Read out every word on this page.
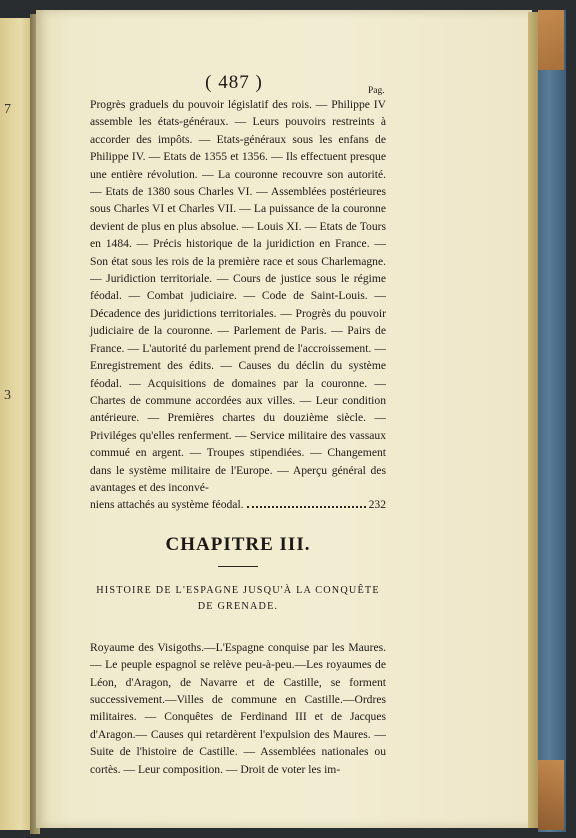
7
3
( 487 )	Pag.

Progrès graduels du pouvoir législatif des rois. — Philippe IV assemble les états-généraux. — Leurs pouvoirs restreints à accorder des impôts. — Etats-généraux sous les enfans de Philippe IV. — Etats de 1355 et 1356. — Ils effectuent presque une entière révolution. — La couronne recouvre son autorité. — Etats de 1380 sous Charles VI. — Assemblées postérieures sous Charles VI et Charles VII. — La puissance de la couronne devient de plus en plus absolue. — Louis XI. — Etats de Tours en 1484. — Précis historique de la juridiction en France. — Son état sous les rois de la première race et sous Charlemagne. — Juridiction territoriale. — Cours de justice sous le régime féodal. — Combat judiciaire. — Code de Saint-Louis. — Décadence des juridictions territoriales. — Progrès du pouvoir judiciaire de la couronne. — Parlement de Paris. — Pairs de France. — L'autorité du parlement prend de l'accroissement. — Enregistrement des édits. — Causes du déclin du système féodal. — Acquisitions de domaines par la couronne. — Chartes de commune accordées aux villes. — Leur condition antérieure. — Premières chartes du douzième siècle. — Priviléges qu'elles renferment. — Service militaire des vassaux commué en argent. — Troupes stipendiées. — Changement dans le système militaire de l'Europe. — Aperçu général des avantages et des inconvé-

niens attachés au système féodal.	232

CHAPITRE III.

HISTOIRE DE L'ESPAGNE JUSQU'À LA CONQUÊTE DE GRENADE.

Royaume des Visigoths.—L'Espagne conquise par les Maures. — Le peuple espagnol se relève peu-à-peu.—Les royaumes de Léon, d'Aragon, de Navarre et de Castille, se forment successivement.—Villes de commune en Castille.—Ordres militaires. — Conquêtes de Ferdinand III et de Jacques d'Aragon.— Causes qui retardèrent l'expulsion des Maures. — Suite de l'histoire de Castille. — Assemblées nationales ou cortès. — Leur composition. — Droit de voter les im-
